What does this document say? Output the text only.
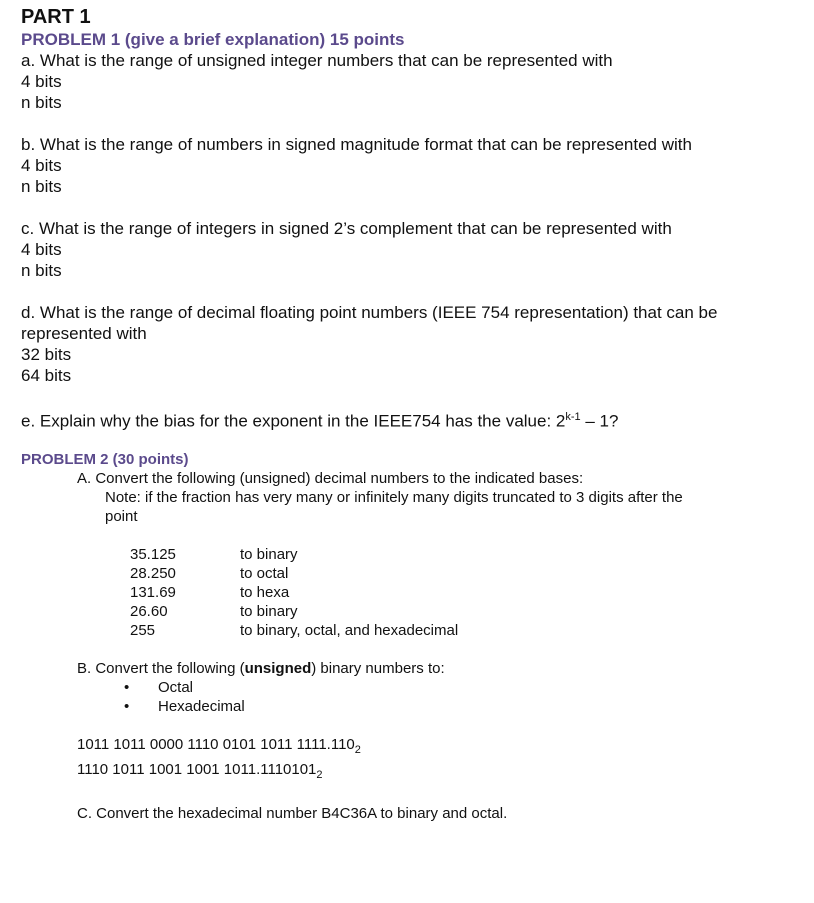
PART 1
PROBLEM 1 (give a brief explanation) 15 points
a. What is the range of unsigned integer numbers that can be represented with
4 bits
n bits
b. What is the range of numbers in signed magnitude format that can be represented with
4 bits
n bits
c. What is the range of integers in signed 2’s complement that can be represented with
4 bits
n bits
d. What is the range of decimal floating point numbers (IEEE 754 representation) that can be
represented with
32 bits
64 bits
e. Explain why the bias for the exponent in the IEEE754 has the value: 2$^{k-1}$ – 1?
PROBLEM 2 (30 points)
A. Convert the following (unsigned) decimal numbers to the indicated bases:
Note: if the fraction has very many or infinitely many digits truncated to 3 digits after the
point
35.125	to binary
28.250	to octal
131.69	to hexa
26.60	to binary
255	to binary, octal, and hexadecimal
B. Convert the following (unsigned) binary numbers to:
•	Octal
•	Hexadecimal
1011 1011 0000 1110 0101 1011 $1111.110_2$
1110 1011 1001 1001 $1011.1110101_2$
C. Convert the hexadecimal number B4C36A to binary and octal.
